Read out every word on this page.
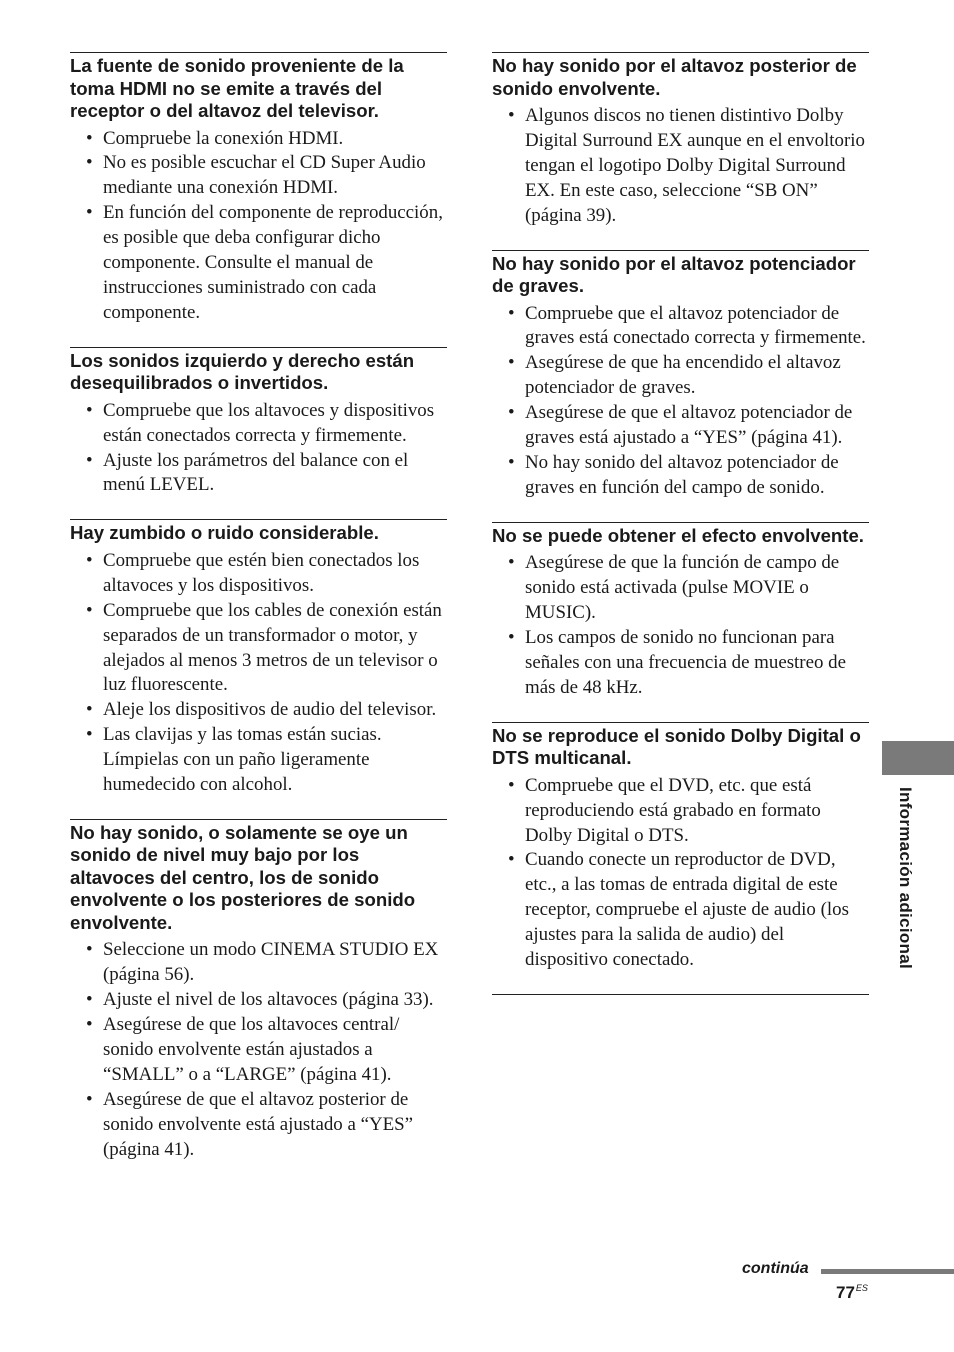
La fuente de sonido proveniente de la toma HDMI no se emite a través del receptor o del altavoz del televisor.
• Compruebe la conexión HDMI.
• No es posible escuchar el CD Super Audio mediante una conexión HDMI.
• En función del componente de reproducción, es posible que deba configurar dicho componente. Consulte el manual de instrucciones suministrado con cada componente.
Los sonidos izquierdo y derecho están desequilibrados o invertidos.
• Compruebe que los altavoces y dispositivos están conectados correcta y firmemente.
• Ajuste los parámetros del balance con el menú LEVEL.
Hay zumbido o ruido considerable.
• Compruebe que estén bien conectados los altavoces y los dispositivos.
• Compruebe que los cables de conexión están separados de un transformador o motor, y alejados al menos 3 metros de un televisor o luz fluorescente.
• Aleje los dispositivos de audio del televisor.
• Las clavijas y las tomas están sucias. Límpielas con un paño ligeramente humedecido con alcohol.
No hay sonido, o solamente se oye un sonido de nivel muy bajo por los altavoces del centro, los de sonido envolvente o los posteriores de sonido envolvente.
• Seleccione un modo CINEMA STUDIO EX (página 56).
• Ajuste el nivel de los altavoces (página 33).
• Asegúrese de que los altavoces central/ sonido envolvente están ajustados a “SMALL” o a “LARGE” (página 41).
• Asegúrese de que el altavoz posterior de sonido envolvente está ajustado a “YES” (página 41).
No hay sonido por el altavoz posterior de sonido envolvente.
• Algunos discos no tienen distintivo Dolby Digital Surround EX aunque en el envoltorio tengan el logotipo Dolby Digital Surround EX. En este caso, seleccione “SB ON” (página 39).
No hay sonido por el altavoz potenciador de graves.
• Compruebe que el altavoz potenciador de graves está conectado correcta y firmemente.
• Asegúrese de que ha encendido el altavoz potenciador de graves.
• Asegúrese de que el altavoz potenciador de graves está ajustado a “YES” (página 41).
• No hay sonido del altavoz potenciador de graves en función del campo de sonido.
No se puede obtener el efecto envolvente.
• Asegúrese de que la función de campo de sonido está activada (pulse MOVIE o MUSIC).
• Los campos de sonido no funcionan para señales con una frecuencia de muestreo de más de 48 kHz.
No se reproduce el sonido Dolby Digital o DTS multicanal.
• Compruebe que el DVD, etc. que está reproduciendo está grabado en formato Dolby Digital o DTS.
• Cuando conecte un reproductor de DVD, etc., a las tomas de entrada digital de este receptor, compruebe el ajuste de audio (los ajustes para la salida de audio) del dispositivo conectado.	Información adicional
continúa
$77^{ES}$
